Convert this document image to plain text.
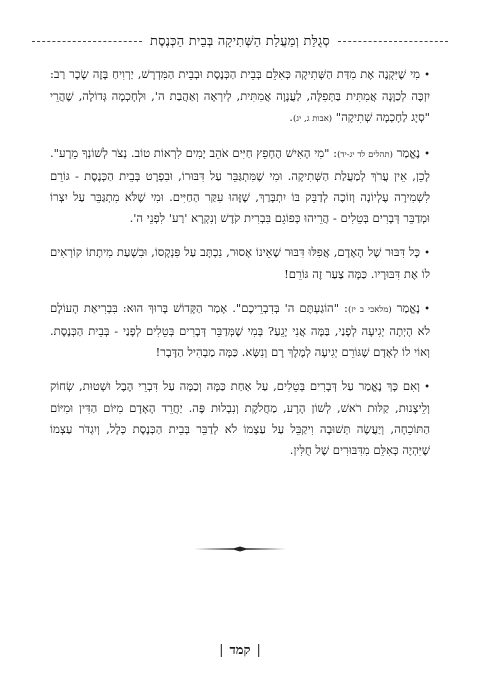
סְגֻלַּת וְמַעֲלַת הַשְּׁתִיקָה בְּבֵית הַכְּנֶסֶת

•מִי שֶׁיִּקְנֶה אֶת מִדַּת הַשְּׁתִיקָה כְּאִלֵּם בְּבֵית הַכְּנֶסֶת וּבְבֵית הַמִּדְרָשׁ, יַרְוִיחַ בָּזֶה שָׂכָר רַב: יִזְכֶּה לְכַוָּנָה אֲמִתִּית בַּתְּפִלָּה, לַעֲנָוָה אֲמִתִּית, לְיִרְאָה וְאַהֲבַת ה', וּלְחָכְמָה גְּדוֹלָה, שֶׁהֲרֵי "סְיָג לַחָכְמָה שְׁתִיקָה" (אבות ג, יג).

•נֶאֱמַר (תהלים לד יג-יד): "מִי הָאִישׁ הֶחָפֵץ חַיִּים אֹהֵב יָמִים לִרְאוֹת טוֹב. נְצֹר לְשׁוֹנְךָ מֵרָע". לָכֵן, אֵין עֲרֹךְ לְמַעֲלַת הַשְּׁתִיקָה. וּמִי שֶׁמִּתְגַּבֵּר עַל דִּבּוּרוֹ, וּבִפְרָט בְּבֵית הַכְּנֶסֶת - גּוֹרֵם לִשְׁמִירָה עֶלְיוֹנָה וְזוֹכֶה לְדַבֵּק בּוֹ יִתְבָּרַךְ, שֶׁזֶּהוּ עִקַּר הַחַיִּים. וּמִי שֶׁלֹּא מִתְגַּבֵּר עַל יִצְרוֹ וּמְדַבֵּר דְּבָרִים בְּטֵלִים - הֲרֵיהוּ כְּפוֹגֵם בִּבְרִית קֹדֶשׁ וְנִקְרָא 'רַע' לִפְנֵי ה'.

•כָּל דִּבּוּר שֶׁל הָאָדָם, אֲפִלּוּ דִּבּוּר שֶׁאֵינוֹ אָסוּר, נִכְתָּב עַל פִּנְקָסוֹ, וּבִשְׁעַת מִיתָתוֹ קוֹרְאִים לוֹ אֶת דִּבּוּרָיו. כַּמָּה צַעַר זֶה גּוֹרֵם!

•נֶאֱמַר (מלאכי ב יז): "הוֹגַעְתֶּם ה' בְּדִבְרֵיכֶם". אָמַר הַקָּדוֹשׁ בָּרוּךְ הוּא: בִּבְרִיאַת הָעוֹלָם לֹא הָיְתָה יְגִיעָה לְפָנַי, בַּמֶּה אֲנִי יָגֵעַ? בְּמִי שֶׁמְּדַבֵּר דְּבָרִים בְּטֵלִים לְפָנַי - בְּבֵית הַכְּנֶסֶת. וְאוֹי לוֹ לְאָדָם שֶׁגּוֹרֵם יְגִיעָה לְמֶלֶךְ רָם וְנִשָּׂא. כַּמָּה מַבְהִיל הַדָּבָר!

•וְאִם כָּךְ נֶאֱמַר עַל דְּבָרִים בְּטֵלִים, עַל אַחַת כַּמָּה וְכַמָּה עַל דִּבְרֵי הֶבֶל וּשְׁטוּת, שְׂחוֹק וְלֵיצָנוּת, קַלּוּת רֹאשׁ, לְשׁוֹן הָרָע, מַחֲלֹקֶת וְנִבְלוּת פֶּה. יַחֲרֵד הָאָדָם מִיּוֹם הַדִּין וּמִיּוֹם הַתּוֹכֵחָה, וְיַעֲשֶׂה תְּשׁוּבָה וִיקַבֵּל עַל עַצְמוֹ לֹא לְדַבֵּר בְּבֵית הַכְּנֶסֶת כְּלָל, וְיִגְדֹּר עַצְמוֹ שֶׁיִּהְיֶה כְּאִלֵּם מִדִּבּוּרִים שֶׁל חֻלִּין.

|קמד|
